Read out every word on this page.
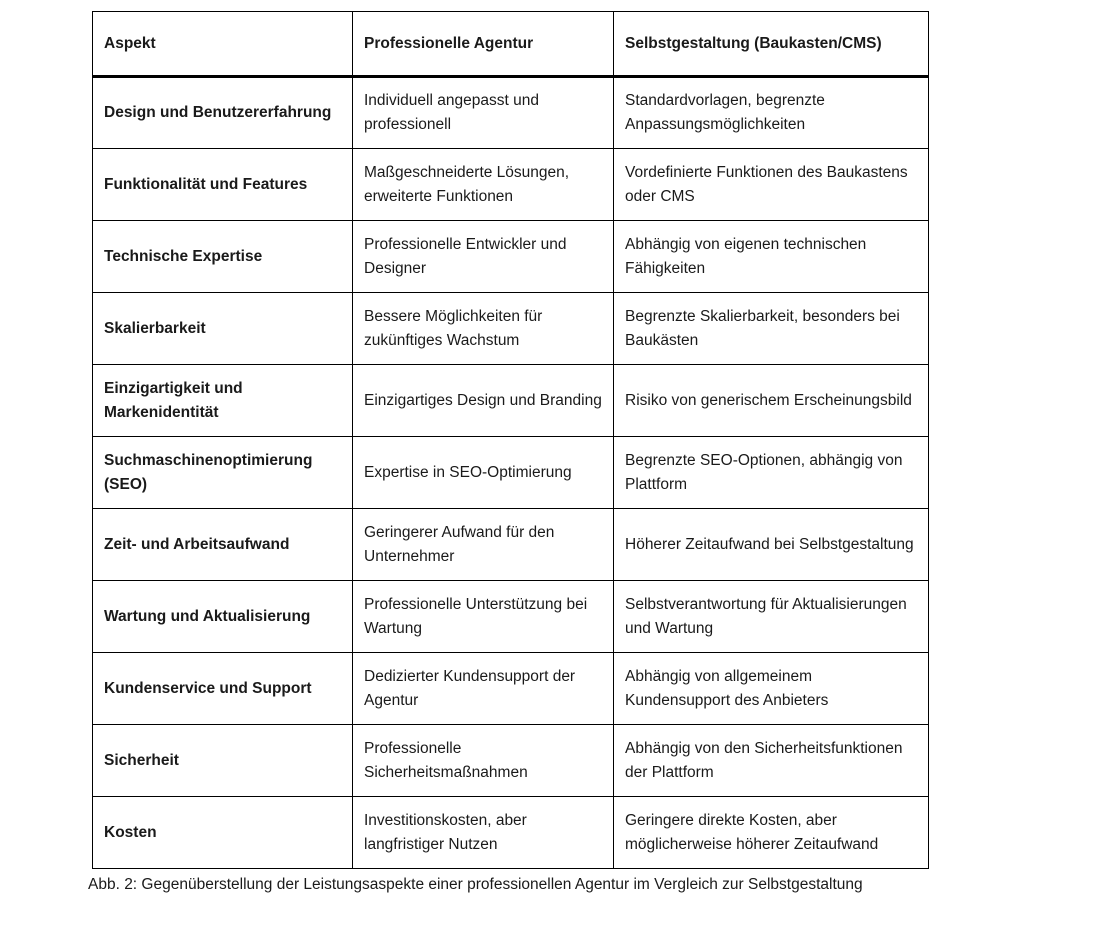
Aspekt	Professionelle Agentur	Selbstgestaltung (Baukasten/CMS)
Design und Benutzererfahrung	Individuell angepasst und professionell	Standardvorlagen, begrenzte Anpassungsmöglichkeiten
Funktionalität und Features	Maßgeschneiderte Lösungen, erweiterte Funktionen	Vordefinierte Funktionen des Baukastens oder CMS
Technische Expertise	Professionelle Entwickler und Designer	Abhängig von eigenen technischen Fähigkeiten
Skalierbarkeit	Bessere Möglichkeiten für zukünftiges Wachstum	Begrenzte Skalierbarkeit, besonders bei Baukästen
Einzigartigkeit und Markenidentität	Einzigartiges Design und Branding	Risiko von generischem Erscheinungsbild
Suchmaschinenoptimierung (SEO)	Expertise in SEO-Optimierung	Begrenzte SEO-Optionen, abhängig von Plattform
Zeit- und Arbeitsaufwand	Geringerer Aufwand für den Unternehmer	Höherer Zeitaufwand bei Selbstgestaltung
Wartung und Aktualisierung	Professionelle Unterstützung bei Wartung	Selbstverantwortung für Aktualisierungen und Wartung
Kundenservice und Support	Dedizierter Kundensupport der Agentur	Abhängig von allgemeinem Kundensupport des Anbieters
Sicherheit	Professionelle Sicherheitsmaßnahmen	Abhängig von den Sicherheitsfunktionen der Plattform
Kosten	Investitionskosten, aber langfristiger Nutzen	Geringere direkte Kosten, aber möglicherweise höherer Zeitaufwand
Abb. 2: Gegenüberstellung der Leistungsaspekte einer professionellen Agentur im Vergleich zur Selbstgestaltung
